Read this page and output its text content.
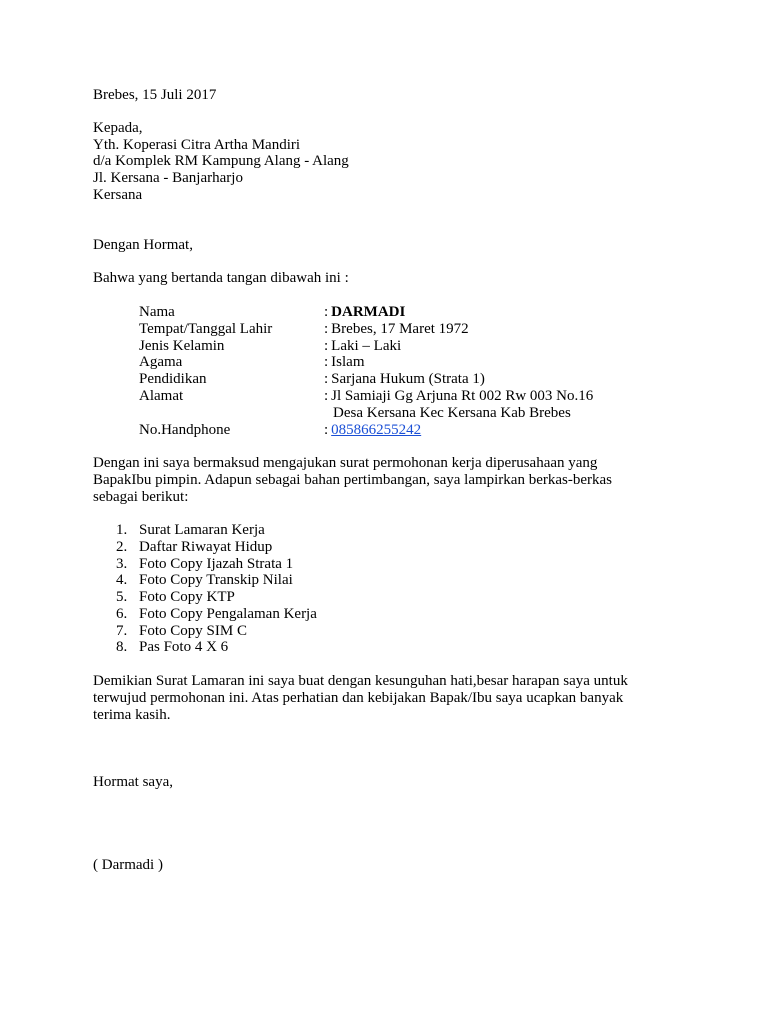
Brebes, 15 Juli 2017
Kepada,
Yth. Koperasi Citra Artha Mandiri
d/a Komplek RM Kampung Alang - Alang
Jl. Kersana - Banjarharjo
Kersana
Dengan Hormat,
Bahwa yang bertanda tangan dibawah ini :
Nama	: DARMADI
Tempat/Tanggal Lahir	: Brebes, 17 Maret 1972
Jenis Kelamin	: Laki – Laki
Agama	: Islam
Pendidikan	: Sarjana Hukum (Strata 1)
Alamat	: Jl Samiaji Gg Arjuna Rt 002 Rw 003 No.16
Desa Kersana Kec Kersana Kab Brebes
No.Handphone	: 085866255242
Dengan ini saya bermaksud mengajukan surat permohonan kerja diperusahaan yang
BapakIbu pimpin. Adapun sebagai bahan pertimbangan, saya lampirkan berkas-berkas
sebagai berikut:
1. Surat Lamaran Kerja
2. Daftar Riwayat Hidup
3. Foto Copy Ijazah Strata 1
4. Foto Copy Transkip Nilai
5. Foto Copy KTP
6. Foto Copy Pengalaman Kerja
7. Foto Copy SIM C
8. Pas Foto 4 X 6
Demikian Surat Lamaran ini saya buat dengan kesunguhan hati,besar harapan saya untuk
terwujud permohonan ini. Atas perhatian dan kebijakan Bapak/Ibu saya ucapkan banyak
terima kasih.
Hormat saya,
( Darmadi )
